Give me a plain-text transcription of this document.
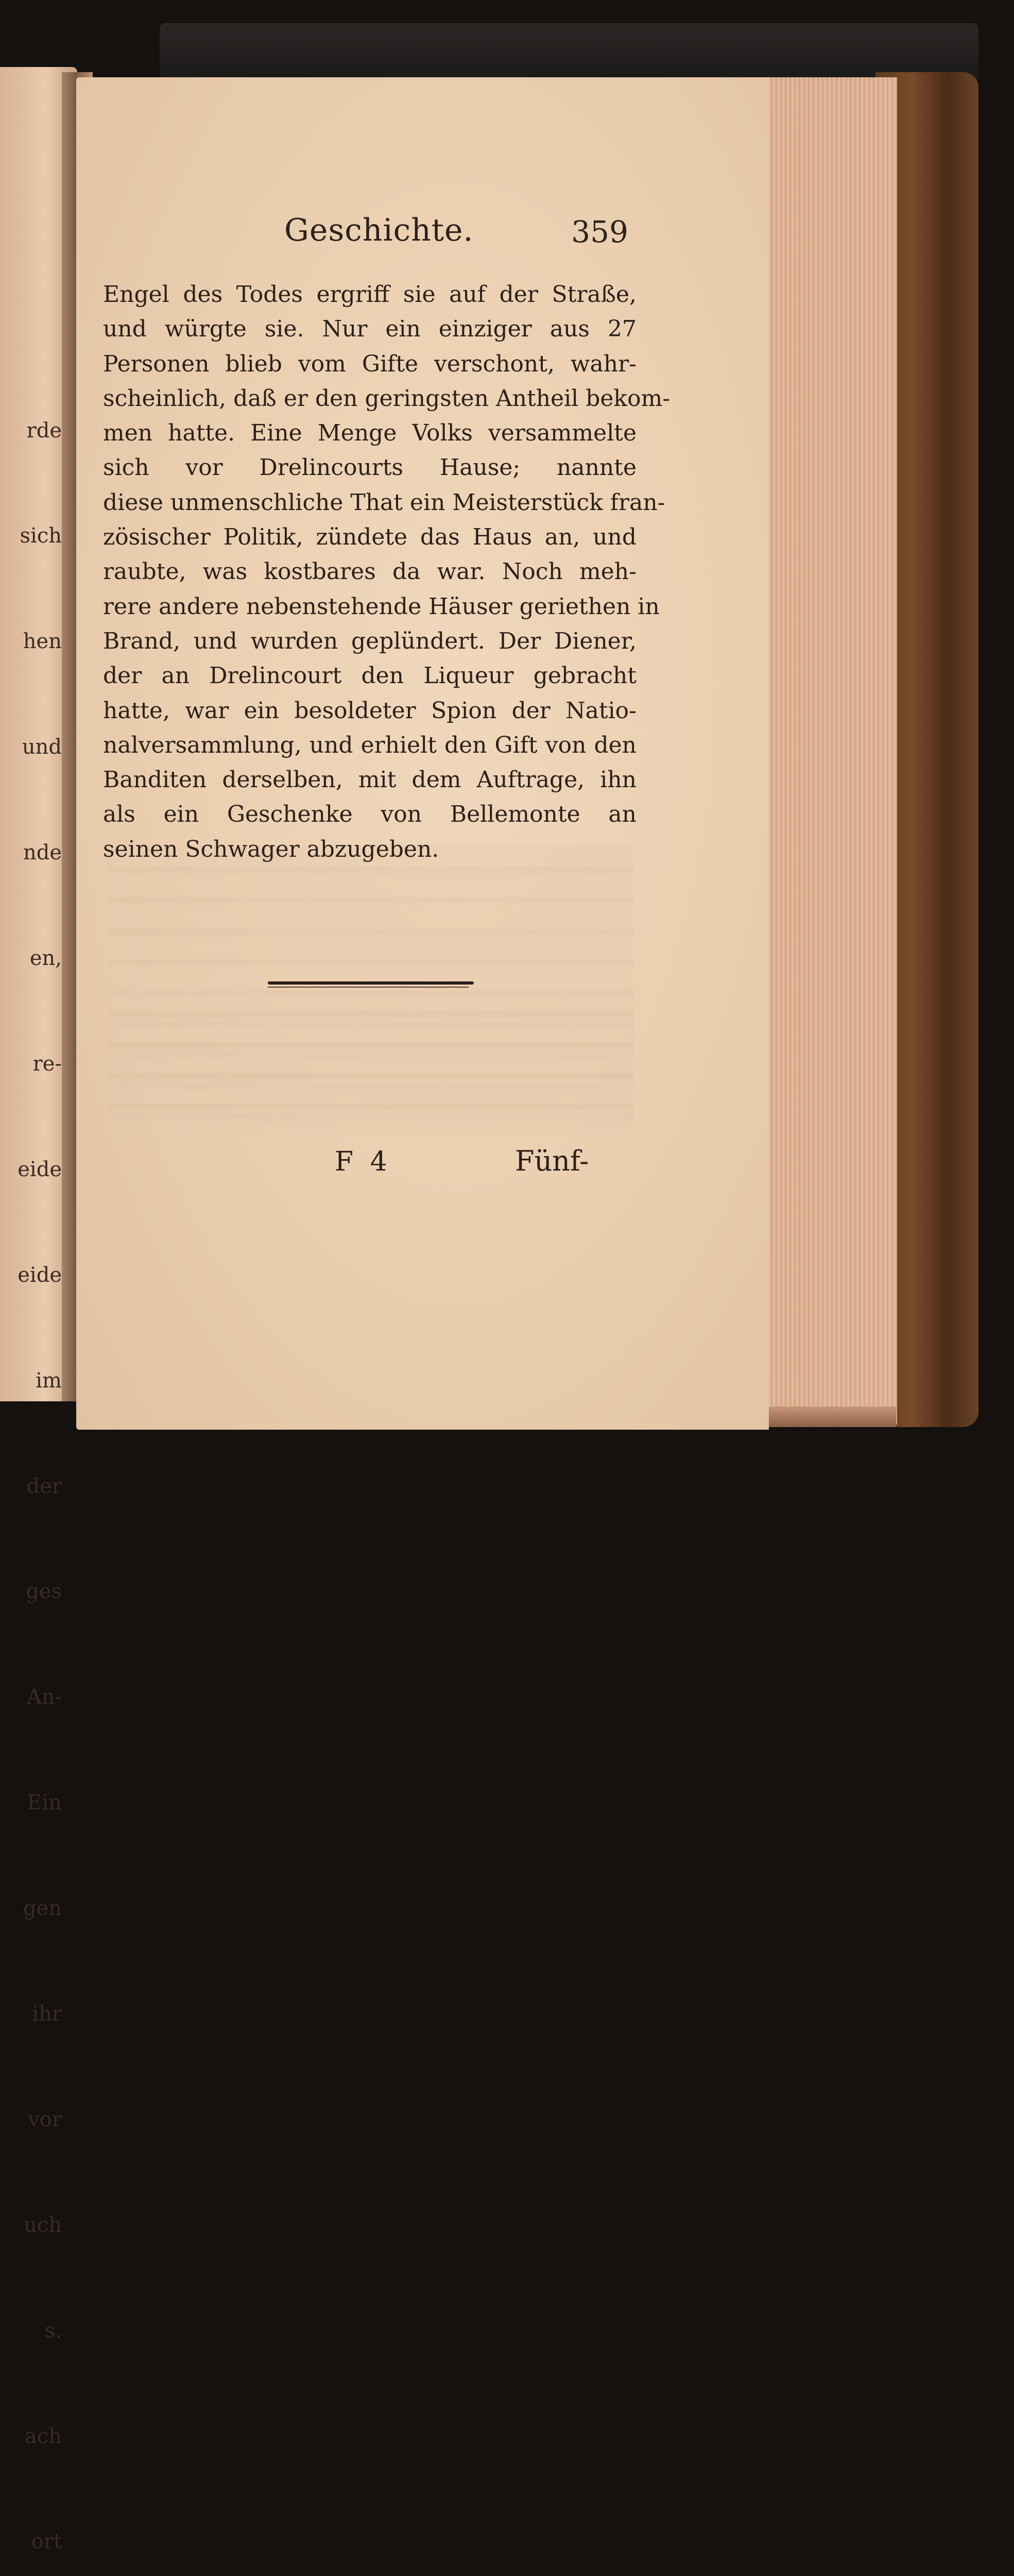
rde

sich

hen

und

nde

en,

re-

eide

eide

im

der

ges

An-

Ein

gen

ihr

vor

uch

s.

ach

ort

Geschichte.	359
Engel des Todes ergriff sie auf der Straße,
und würgte sie. Nur ein einziger aus 27
Personen blieb vom Gifte verschont, wahr-
scheinlich, daß er den geringsten Antheil bekom-
men hatte. Eine Menge Volks versammelte
sich vor Drelincourts Hause; nannte
diese unmenschliche That ein Meisterstück fran-
zösischer Politik, zündete das Haus an, und
raubte, was kostbares da war. Noch meh-
rere andere nebenstehende Häuser geriethen in
Brand, und wurden geplündert. Der Diener,
der an Drelincourt den Liqueur gebracht
hatte, war ein besoldeter Spion der Natio-
nalversammlung, und erhielt den Gift von den
Banditen derselben, mit dem Auftrage, ihn
als ein Geschenke von Bellemonte an
seinen Schwager abzugeben.
F 4	Fünf-
